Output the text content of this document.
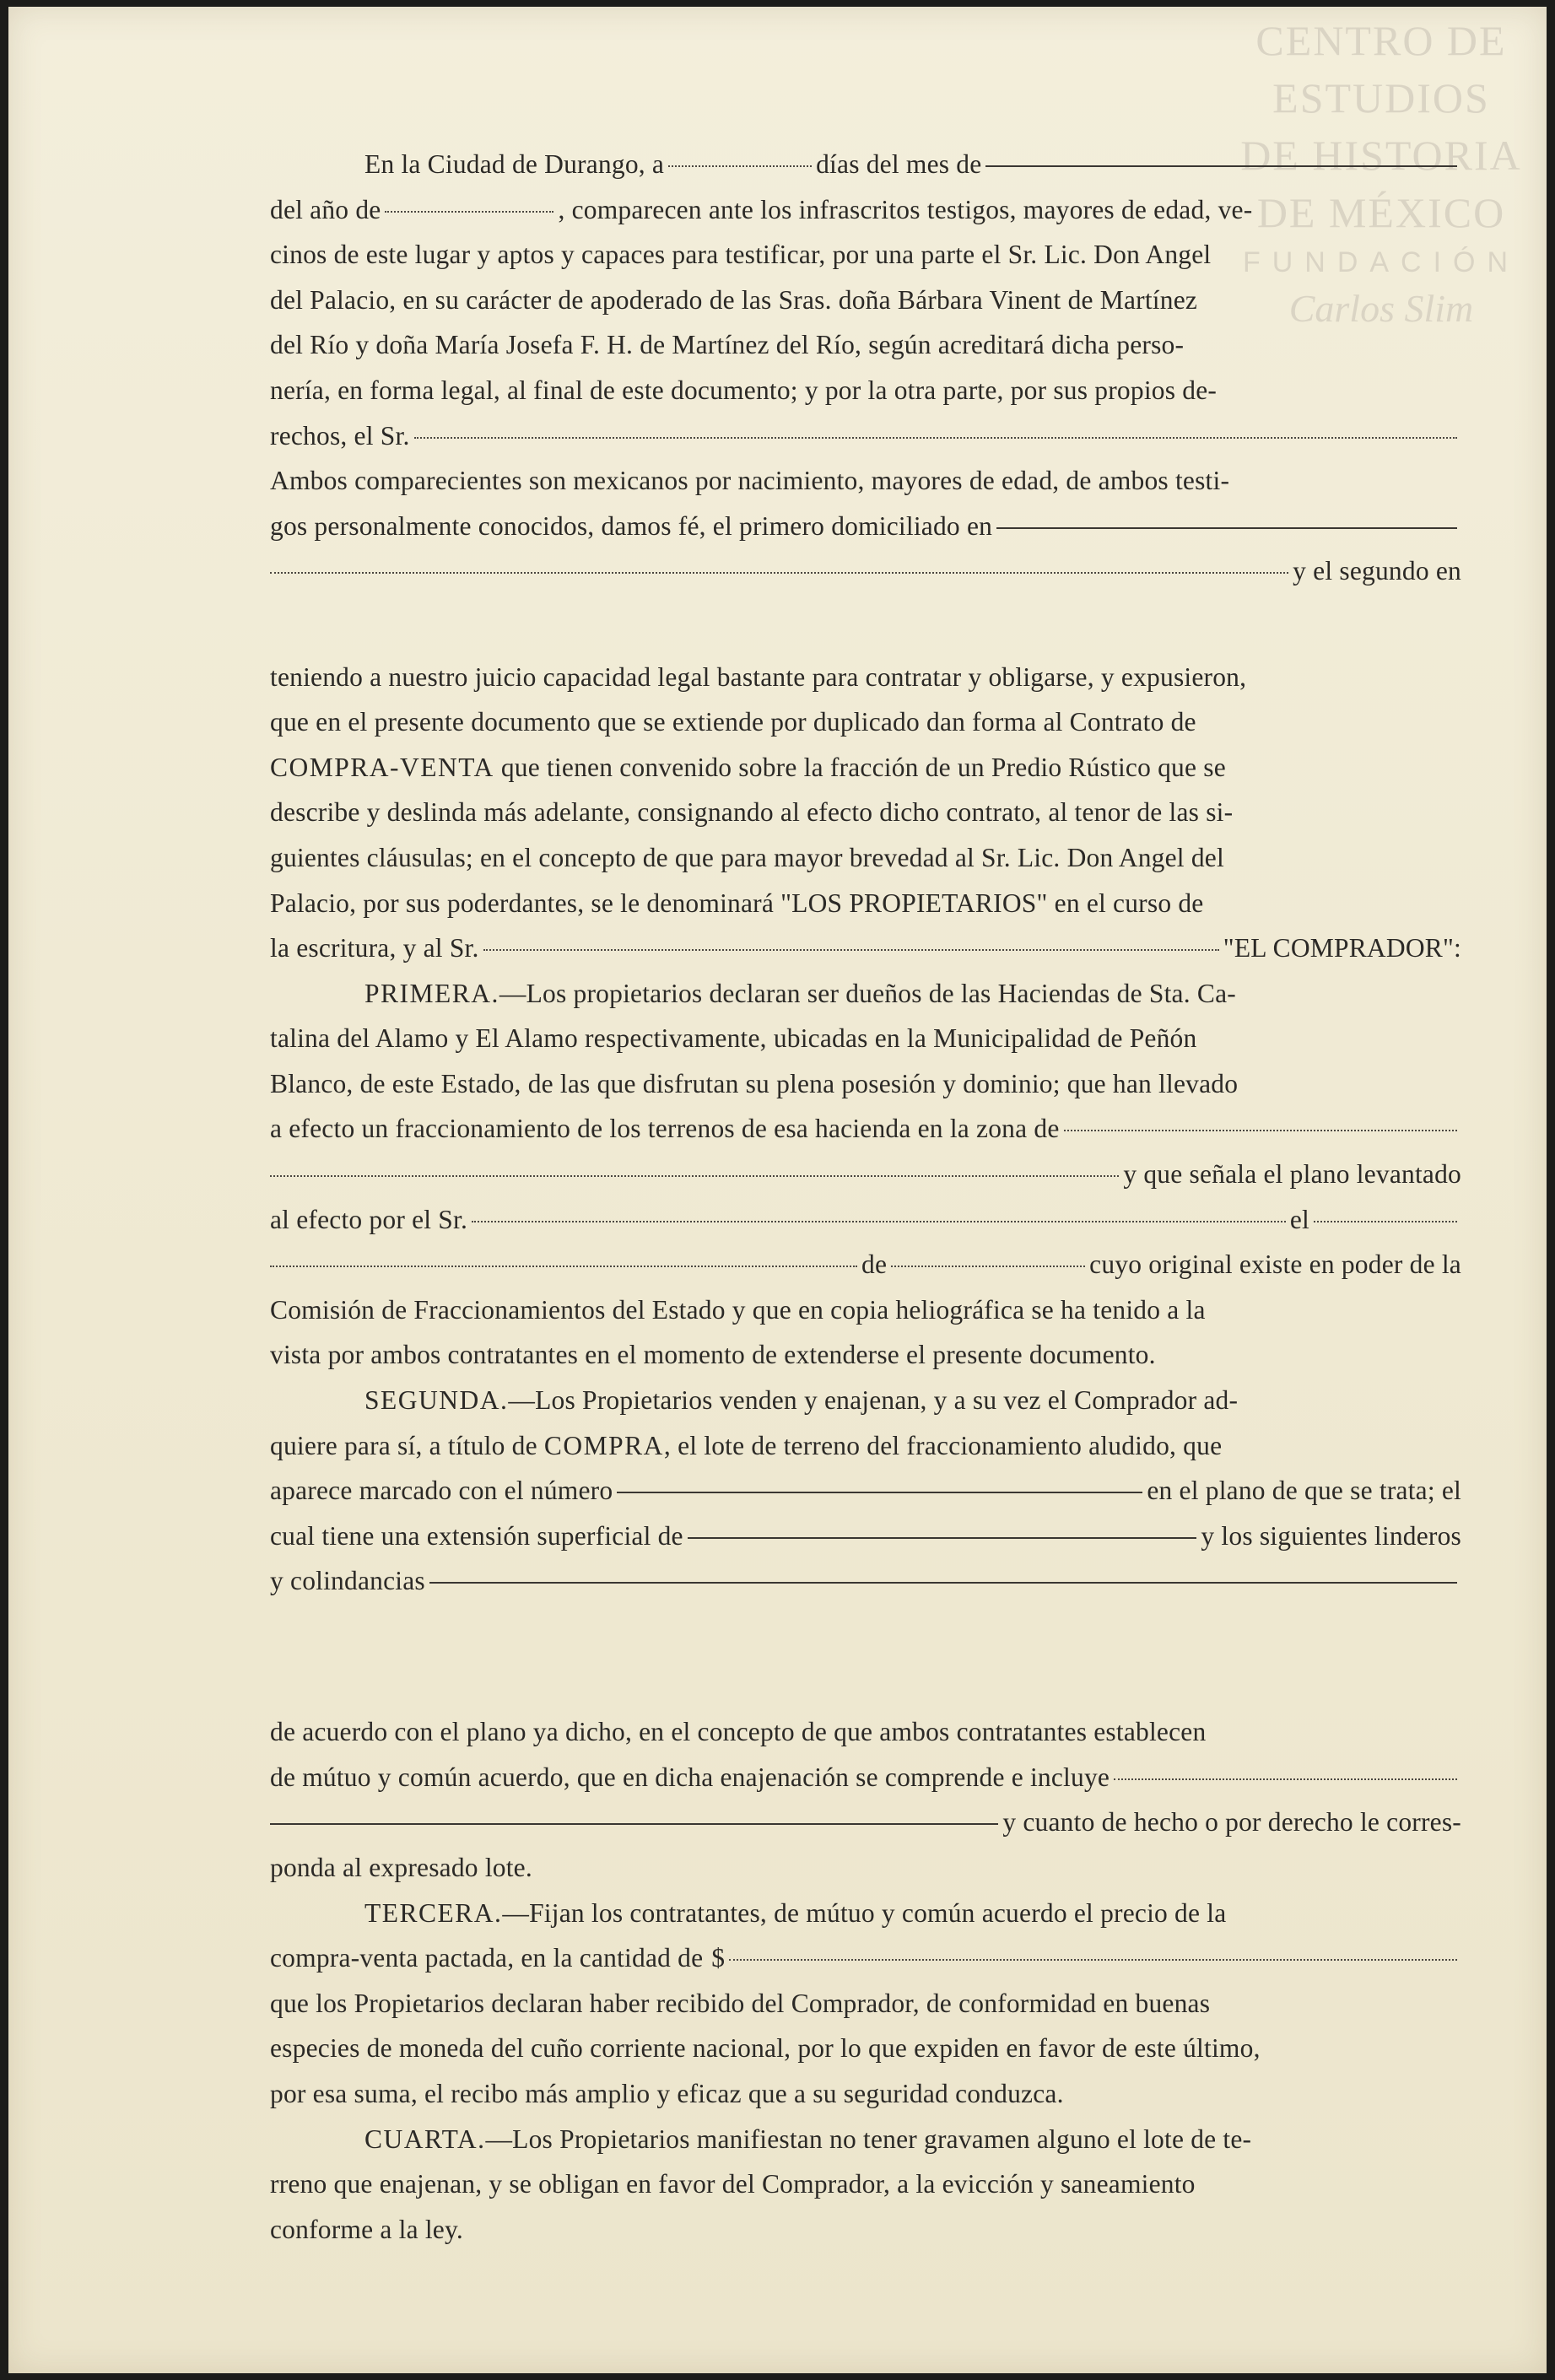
CENTRO DE
ESTUDIOS
DE HISTORIA
DE MÉXICO
FUNDACIÓN
Carlos Slim
En la Ciudad de Durango, a	días del mes de
del año de	, comparecen ante los infrascritos testigos, mayores de edad, ve-
cinos de este lugar y aptos y capaces para testificar, por una parte el Sr. Lic. Don Angel
del Palacio, en su carácter de apoderado de las Sras. doña Bárbara Vinent de Martínez
del Río y doña María Josefa F. H. de Martínez del Río, según acreditará dicha perso-
nería, en forma legal, al final de este documento; y por la otra parte, por sus propios de-
rechos, el Sr.
Ambos comparecientes son mexicanos por nacimiento, mayores de edad, de ambos testi-
gos personalmente conocidos, damos fé, el primero domiciliado en
y el segundo en
teniendo a nuestro juicio capacidad legal bastante para contratar y obligarse, y expusieron,
que en el presente documento que se extiende por duplicado dan forma al Contrato de
COMPRA-VENTA que tienen convenido sobre la fracción de un Predio Rústico que se
describe y deslinda más adelante, consignando al efecto dicho contrato, al tenor de las si-
guientes cláusulas; en el concepto de que para mayor brevedad al Sr. Lic. Don Angel del
Palacio, por sus poderdantes, se le denominará "LOS PROPIETARIOS" en el curso de
la escritura, y al Sr.	"EL COMPRADOR":
PRIMERA. —Los propietarios declaran ser dueños de las Haciendas de Sta. Ca-
talina del Alamo y El Alamo respectivamente, ubicadas en la Municipalidad de Peñón
Blanco, de este Estado, de las que disfrutan su plena posesión y dominio; que han llevado
a efecto un fraccionamiento de los terrenos de esa hacienda en la zona de
y que señala el plano levantado
al efecto por el Sr.	el
de	cuyo original existe en poder de la
Comisión de Fraccionamientos del Estado y que en copia heliográfica se ha tenido a la
vista por ambos contratantes en el momento de extenderse el presente documento.
SEGUNDA. —Los Propietarios venden y enajenan, y a su vez el Comprador ad-
quiere para sí, a título de COMPRA , el lote de terreno del fraccionamiento aludido, que
aparece marcado con el número	en el plano de que se trata; el
cual tiene una extensión superficial de	y los siguientes linderos
y colindancias
de acuerdo con el plano ya dicho, en el concepto de que ambos contratantes establecen
de mútuo y común acuerdo, que en dicha enajenación se comprende e incluye
y cuanto de hecho o por derecho le corres-
ponda al expresado lote.
TERCERA. —Fijan los contratantes, de mútuo y común acuerdo el precio de la
compra-venta pactada, en la cantidad de $
que los Propietarios declaran haber recibido del Comprador, de conformidad en buenas
especies de moneda del cuño corriente nacional, por lo que expiden en favor de este último,
por esa suma, el recibo más amplio y eficaz que a su seguridad conduzca.
CUARTA. —Los Propietarios manifiestan no tener gravamen alguno el lote de te-
rreno que enajenan, y se obligan en favor del Comprador, a la evicción y saneamiento
conforme a la ley.
